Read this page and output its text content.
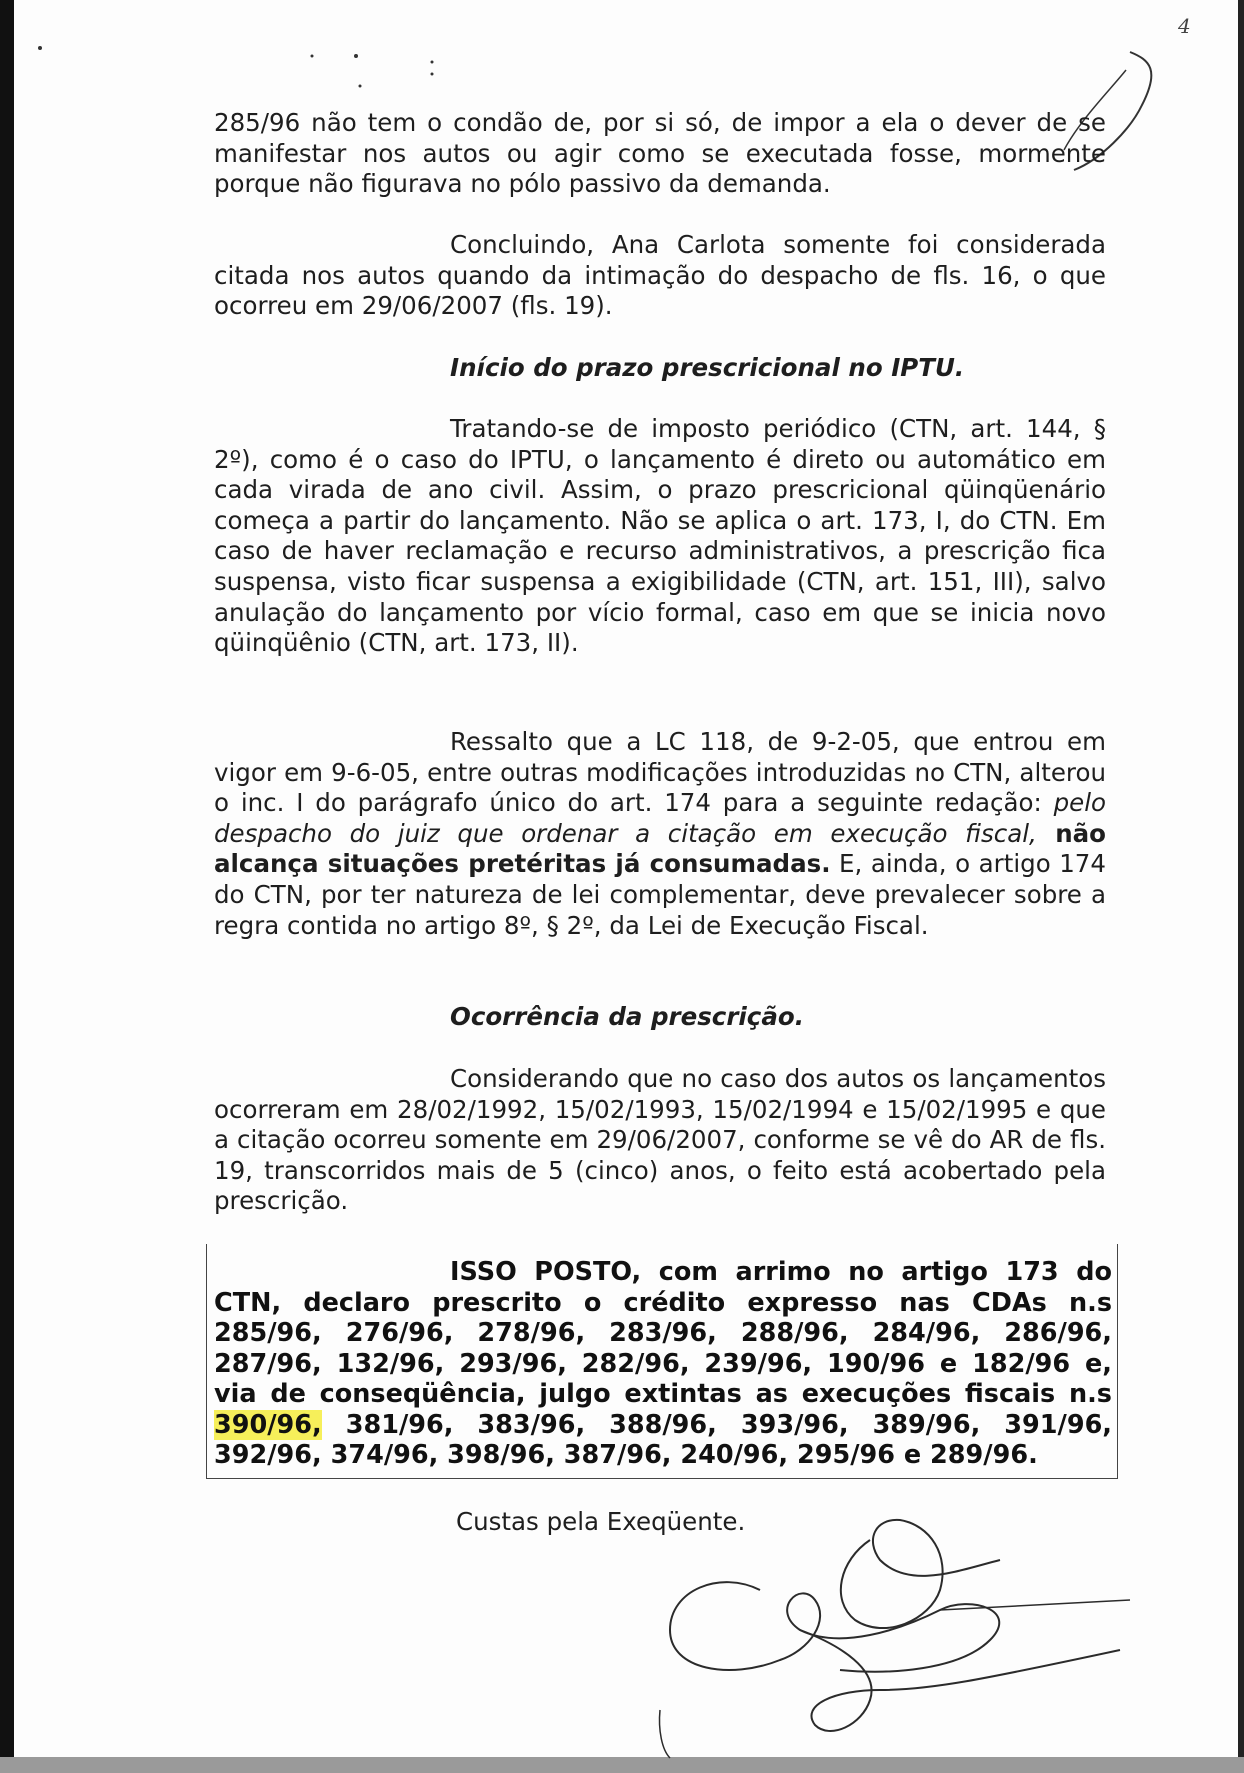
4

285/96 não tem o condão de, por si só, de impor a ela o dever de se manifestar nos autos ou agir como se executada fosse, mormente porque não figurava no pólo passivo da demanda.

Concluindo, Ana Carlota somente foi considerada citada nos autos quando da intimação do despacho de fls. 16, o que ocorreu em 29/06/2007 (fls. 19).

Início do prazo prescricional no IPTU.

Tratando-se de imposto periódico (CTN, art. 144, § 2º), como é o caso do IPTU, o lançamento é direto ou automático em cada virada de ano civil. Assim, o prazo prescricional qüinqüenário começa a partir do lançamento. Não se aplica o art. 173, I, do CTN. Em caso de haver reclamação e recurso administrativos, a prescrição fica suspensa, visto ficar suspensa a exigibilidade (CTN, art. 151, III), salvo anulação do lançamento por vício formal, caso em que se inicia novo qüinqüênio (CTN, art. 173, II).

Ressalto que a LC 118, de 9-2-05, que entrou em vigor em 9-6-05, entre outras modificações introduzidas no CTN, alterou o inc. I do parágrafo único do art. 174 para a seguinte redação: pelo despacho do juiz que ordenar a citação em execução fiscal, não alcança situações pretéritas já consumadas. E, ainda, o artigo 174 do CTN, por ter natureza de lei complementar, deve prevalecer sobre a regra contida no artigo 8º, § 2º, da Lei de Execução Fiscal.

Ocorrência da prescrição.

Considerando que no caso dos autos os lançamentos ocorreram em 28/02/1992, 15/02/1993, 15/02/1994 e 15/02/1995 e que a citação ocorreu somente em 29/06/2007, conforme se vê do AR de fls. 19, transcorridos mais de 5 (cinco) anos, o feito está acobertado pela prescrição.

ISSO POSTO, com arrimo no artigo 173 do CTN, declaro prescrito o crédito expresso nas CDAs n.s 285/96, 276/96, 278/96, 283/96, 288/96, 284/96, 286/96, 287/96, 132/96, 293/96, 282/96, 239/96, 190/96 e 182/96 e, via de conseqüência, julgo extintas as execuções fiscais n.s 390/96, 381/96, 383/96, 388/96, 393/96, 389/96, 391/96, 392/96, 374/96, 398/96, 387/96, 240/96, 295/96 e 289/96.

Custas pela Exeqüente.
